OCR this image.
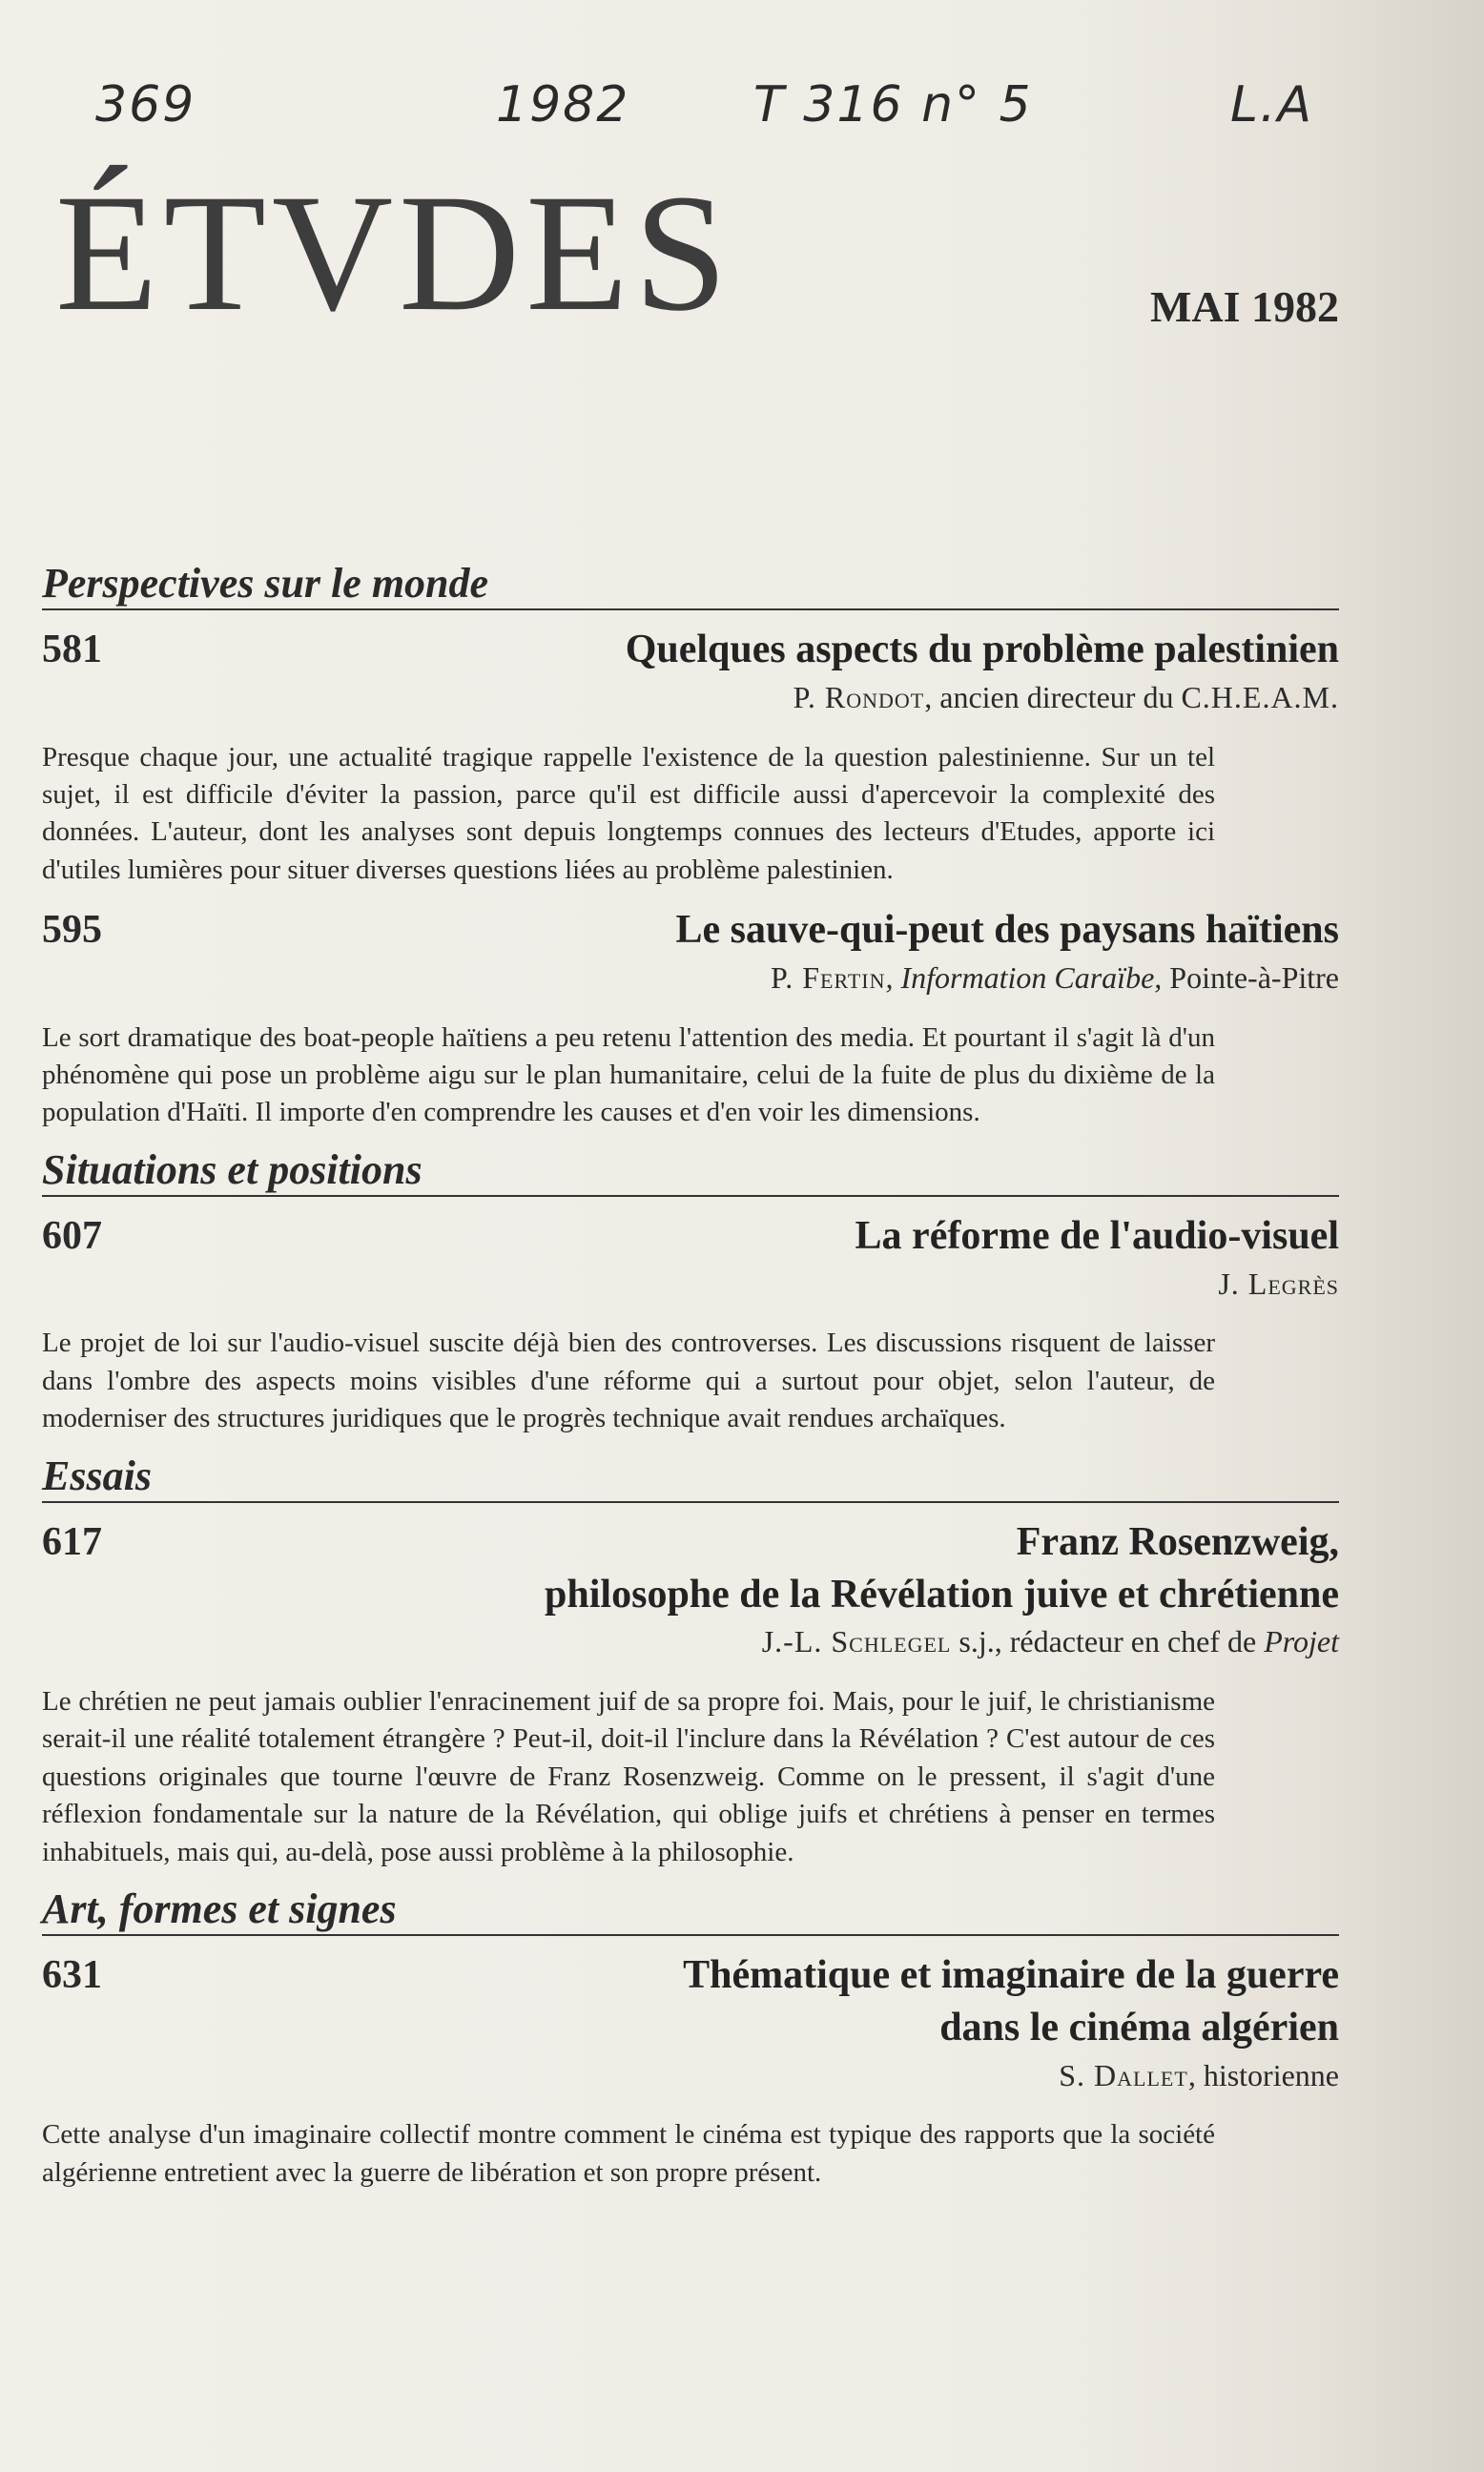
369	1982 T 316 n° 5	L.A
ÉTVDES	MAI 1982
Perspectives sur le monde
581	Quelques aspects du problème palestinien
P. Rondot, ancien directeur du C.H.E.A.M.

Presque chaque jour, une actualité tragique rappelle l'existence de la question palestinienne. Sur un tel sujet, il est difficile d'éviter la passion, parce qu'il est difficile aussi d'apercevoir la complexité des données. L'auteur, dont les analyses sont depuis longtemps connues des lecteurs d'Etudes, apporte ici d'utiles lumières pour situer diverses questions liées au problème palestinien.

595	Le sauve-qui-peut des paysans haïtiens
P. Fertin, Information Caraïbe, Pointe-à-Pitre

Le sort dramatique des boat-people haïtiens a peu retenu l'attention des media. Et pourtant il s'agit là d'un phénomène qui pose un problème aigu sur le plan humanitaire, celui de la fuite de plus du dixième de la population d'Haïti. Il importe d'en comprendre les causes et d'en voir les dimensions.

Situations et positions
607	La réforme de l'audio-visuel
J. Legrès

Le projet de loi sur l'audio-visuel suscite déjà bien des controverses. Les discussions risquent de laisser dans l'ombre des aspects moins visibles d'une réforme qui a surtout pour objet, selon l'auteur, de moderniser des structures juridiques que le progrès technique avait rendues archaïques.

Essais
617	Franz Rosenzweig,
philosophe de la Révélation juive et chrétienne
J.-L. Schlegel s.j., rédacteur en chef de Projet

Le chrétien ne peut jamais oublier l'enracinement juif de sa propre foi. Mais, pour le juif, le christianisme serait-il une réalité totalement étrangère ? Peut-il, doit-il l'inclure dans la Révélation ? C'est autour de ces questions originales que tourne l'œuvre de Franz Rosenzweig. Comme on le pressent, il s'agit d'une réflexion fondamentale sur la nature de la Révélation, qui oblige juifs et chrétiens à penser en termes inhabituels, mais qui, au-delà, pose aussi problème à la philosophie.

Art, formes et signes
631	Thématique et imaginaire de la guerre
dans le cinéma algérien
S. Dallet, historienne

Cette analyse d'un imaginaire collectif montre comment le cinéma est typique des rapports que la société algérienne entretient avec la guerre de libération et son propre présent.
